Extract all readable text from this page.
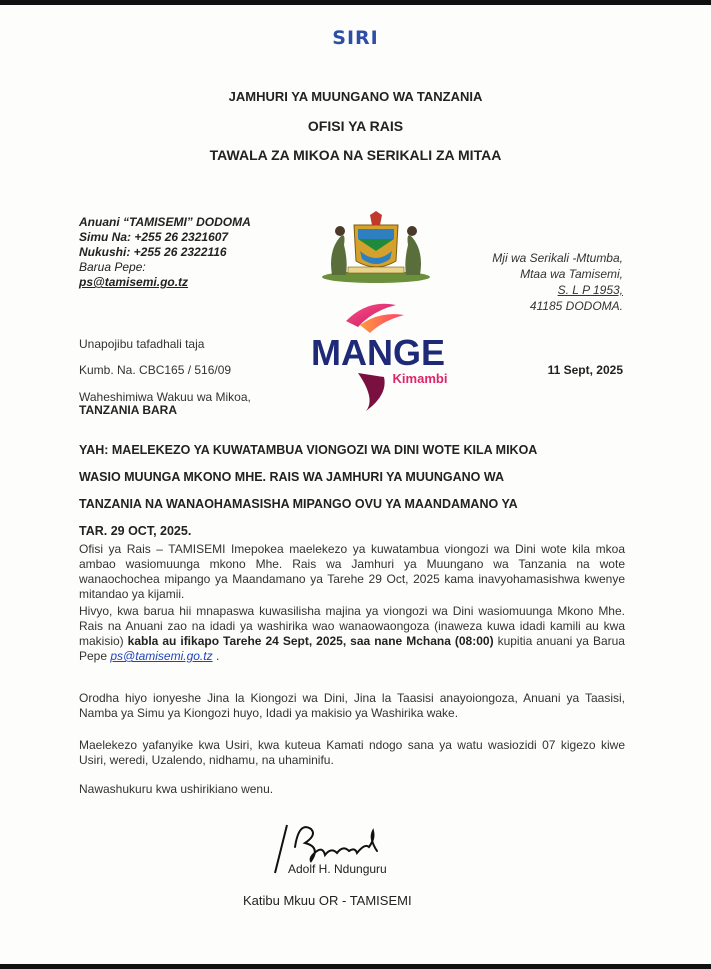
SIRI
JAMHURI YA MUUNGANO WA TANZANIA
OFISI YA RAIS
TAWALA ZA MIKOA NA SERIKALI ZA MITAA
Anuani “TAMISEMI” DODOMA
Simu Na: +255 26 2321607
Nukushi: +255 26 2322116
Barua Pepe:
ps@tamisemi.go.tz
Mji wa Serikali -Mtumba,
Mtaa wa Tamisemi,
S. L P 1953,
41185 DODOMA.
MANGE
Kimambi
Unapojibu tafadhali taja
Kumb. Na. CBC165 / 516/09	11 Sept, 2025
Waheshimiwa Wakuu wa Mikoa,
TANZANIA BARA
YAH: MAELEKEZO YA KUWATAMBUA VIONGOZI WA DINI WOTE KILA MIKOA
WASIO MUUNGA MKONO MHE. RAIS WA JAMHURI YA MUUNGANO WA
TANZANIA NA WANAOHAMASISHA MIPANGO OVU YA MAANDAMANO YA
TAR. 29 OCT, 2025.
Ofisi ya Rais – TAMISEMI Imepokea maelekezo ya kuwatambua viongozi wa Dini wote kila mkoa ambao wasiomuunga mkono Mhe. Rais wa Jamhuri ya Muungano wa Tanzania na wote wanaochochea mipango ya Maandamano ya Tarehe 29 Oct, 2025 kama inavyohamasishwa kwenye mitandao ya kijamii.
Hivyo, kwa barua hii mnapaswa kuwasilisha majina ya viongozi wa Dini wasiomuunga Mkono Mhe. Rais na Anuani zao na idadi ya washirika wao wanaowaongoza (inaweza kuwa idadi kamili au kwa makisio) kabla au ifikapo Tarehe 24 Sept, 2025, saa nane Mchana (08:00) kupitia anuani ya Barua Pepe ps@tamisemi.go.tz .
Orodha hiyo ionyeshe Jina la Kiongozi wa Dini, Jina la Taasisi anayoiongoza, Anuani ya Taasisi, Namba ya Simu ya Kiongozi huyo, Idadi ya makisio ya Washirika wake.
Maelekezo yafanyike kwa Usiri, kwa kuteua Kamati ndogo sana ya watu wasiozidi 07 kigezo kiwe Usiri, weredi, Uzalendo, nidhamu, na uhaminifu.
Nawashukuru kwa ushirikiano wenu.
Adolf H. Ndunguru
Katibu Mkuu OR - TAMISEMI
